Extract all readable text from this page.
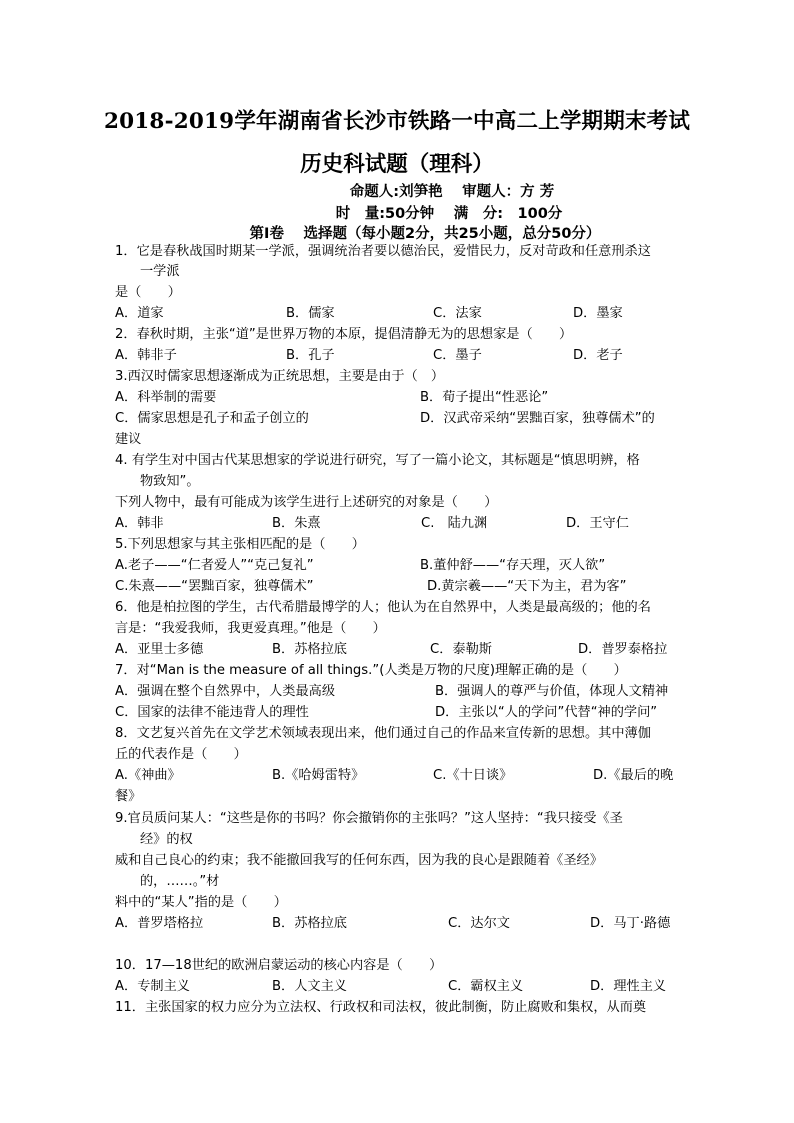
2018-2019学年湖南省长沙市铁路一中高二上学期期末考试
历史科试题（理科）
命题人:刘笋艳　 审题人：方 芳
时　量:50分钟　 满　分:　100分
第I卷　 选择题（每小题2分，共25小题，总分50分）
1．它是春秋战国时期某一学派，强调统治者要以德治民，爱惜民力，反对苛政和任意刑杀这
一学派
是（　　）
A．道家	B．儒家	C．法家	D．墨家
2．春秋时期，主张“道”是世界万物的本原，提倡清静无为的思想家是（　　）
A．韩非子	B．孔子	C．墨子	D．老子
3.西汉时儒家思想逐渐成为正统思想，主要是由于（　）
A．科举制的需要	B．荀子提出“性恶论”
C．儒家思想是孔子和孟子创立的	D．汉武帝采纳“罢黜百家，独尊儒术”的
建议
4. 有学生对中国古代某思想家的学说进行研究，写了一篇小论文，其标题是“慎思明辨，格
物致知”。
下列人物中，最有可能成为该学生进行上述研究的对象是（　　）
A．韩非	B．朱熹	C.　陆九渊	D．王守仁
5.下列思想家与其主张相匹配的是（　　）
A.老子——“仁者爱人”“克己复礼”	B.董仲舒——“存天理，灭人欲”
C.朱熹——“罢黜百家，独尊儒术”	D.黄宗羲——“天下为主，君为客”
6．他是柏拉图的学生，古代希腊最博学的人；他认为在自然界中，人类是最高级的；他的名
言是：“我爱我师，我更爱真理。”他是（　　）
A．亚里士多德	B．苏格拉底	C．泰勒斯	D．普罗泰格拉
7．对“Man is the measure of all things.”(人类是万物的尺度)理解正确的是（　　）
A．强调在整个自然界中，人类最高级	B．强调人的尊严与价值，体现人文精神
C．国家的法律不能违背人的理性	D．主张以“人的学问”代替“神的学问”
8．文艺复兴首先在文学艺术领域表现出来，他们通过自己的作品来宣传新的思想。其中薄伽
丘的代表作是（　　）
A.《神曲》	B.《哈姆雷特》	C.《十日谈》	D.《最后的晚
餐》
9.官员质问某人：“这些是你的书吗？你会撤销你的主张吗？”这人坚持：“我只接受《圣
经》的权
威和自己良心的约束；我不能撤回我写的任何东西，因为我的良心是跟随着《圣经》
的，……。”材
料中的“某人”指的是（　　）
A．普罗塔格拉	B．苏格拉底	C．达尔文	D．马丁·路德
10．17—18世纪的欧洲启蒙运动的核心内容是（　　）
A．专制主义	B．人文主义	C．霸权主义	D．理性主义
11．主张国家的权力应分为立法权、行政权和司法权，彼此制衡，防止腐败和集权，从而奠
